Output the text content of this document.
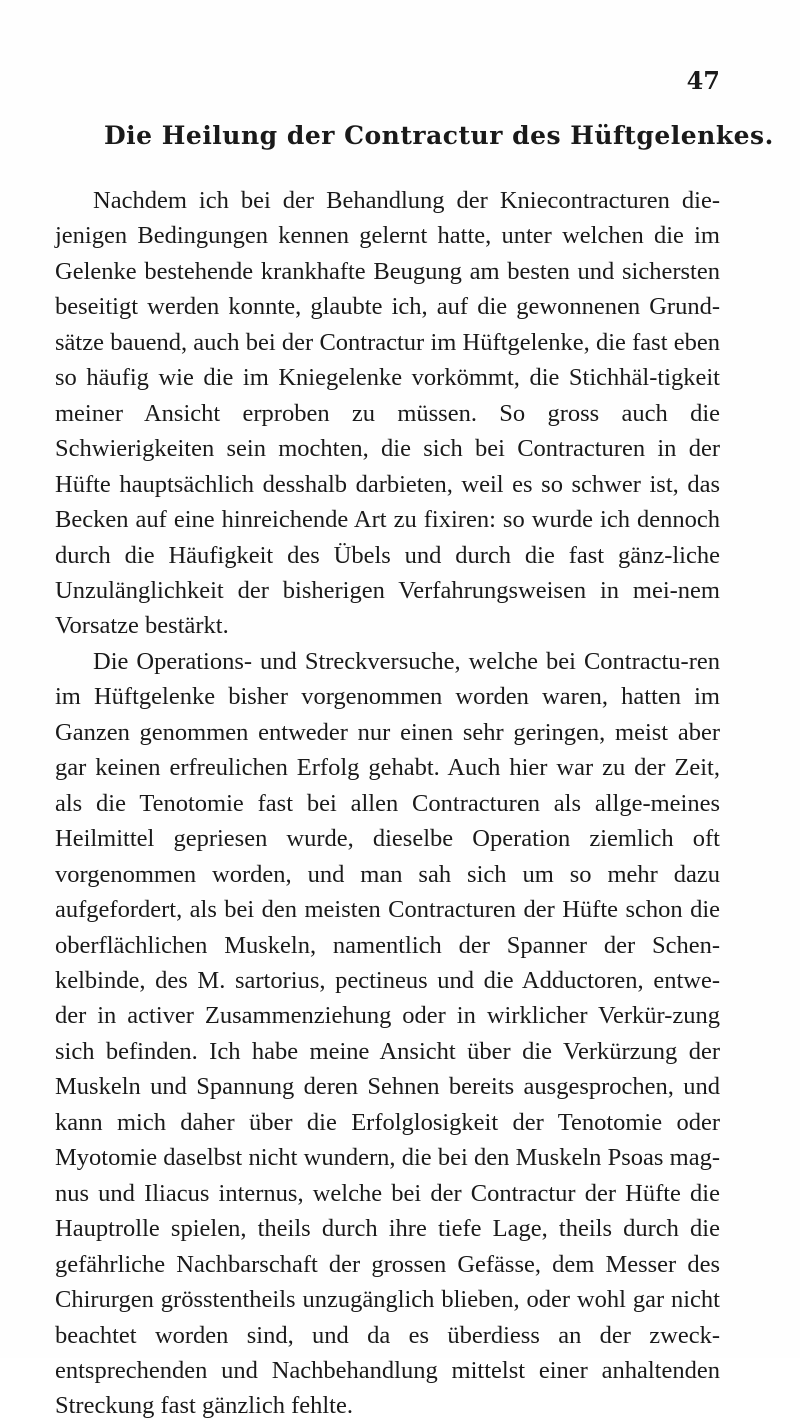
47
Die Heilung der Contractur des Hüftgelenkes.

Nachdem ich bei der Behandlung der Kniecontracturen die-jenigen Bedingungen kennen gelernt hatte, unter welchen die im Gelenke bestehende krankhafte Beugung am besten und sichersten beseitigt werden konnte, glaubte ich, auf die gewonnenen Grund-sätze bauend, auch bei der Contractur im Hüftgelenke, die fast eben so häufig wie die im Kniegelenke vorkömmt, die Stichhäl-tigkeit meiner Ansicht erproben zu müssen. So gross auch die Schwierigkeiten sein mochten, die sich bei Contracturen in der Hüfte hauptsächlich desshalb darbieten, weil es so schwer ist, das Becken auf eine hinreichende Art zu fixiren: so wurde ich dennoch durch die Häufigkeit des Übels und durch die fast gänz-liche Unzulänglichkeit der bisherigen Verfahrungsweisen in mei-nem Vorsatze bestärkt.

Die Operations- und Streckversuche, welche bei Contractu-ren im Hüftgelenke bisher vorgenommen worden waren, hatten im Ganzen genommen entweder nur einen sehr geringen, meist aber gar keinen erfreulichen Erfolg gehabt. Auch hier war zu der Zeit, als die Tenotomie fast bei allen Contracturen als allge-meines Heilmittel gepriesen wurde, dieselbe Operation ziemlich oft vorgenommen worden, und man sah sich um so mehr dazu aufgefordert, als bei den meisten Contracturen der Hüfte schon die oberflächlichen Muskeln, namentlich der Spanner der Schen-kelbinde, des M. sartorius, pectineus und die Adductoren, entwe-der in activer Zusammenziehung oder in wirklicher Verkür-zung sich befinden. Ich habe meine Ansicht über die Verkürzung der Muskeln und Spannung deren Sehnen bereits ausgesprochen, und kann mich daher über die Erfolglosigkeit der Tenotomie oder Myotomie daselbst nicht wundern, die bei den Muskeln Psoas mag-nus und Iliacus internus, welche bei der Contractur der Hüfte die Hauptrolle spielen, theils durch ihre tiefe Lage, theils durch die gefährliche Nachbarschaft der grossen Gefässe, dem Messer des Chirurgen grösstentheils unzugänglich blieben, oder wohl gar nicht beachtet worden sind, und da es überdiess an der zweck-entsprechenden und Nachbehandlung mittelst einer anhaltenden Streckung fast gänzlich fehlte.
